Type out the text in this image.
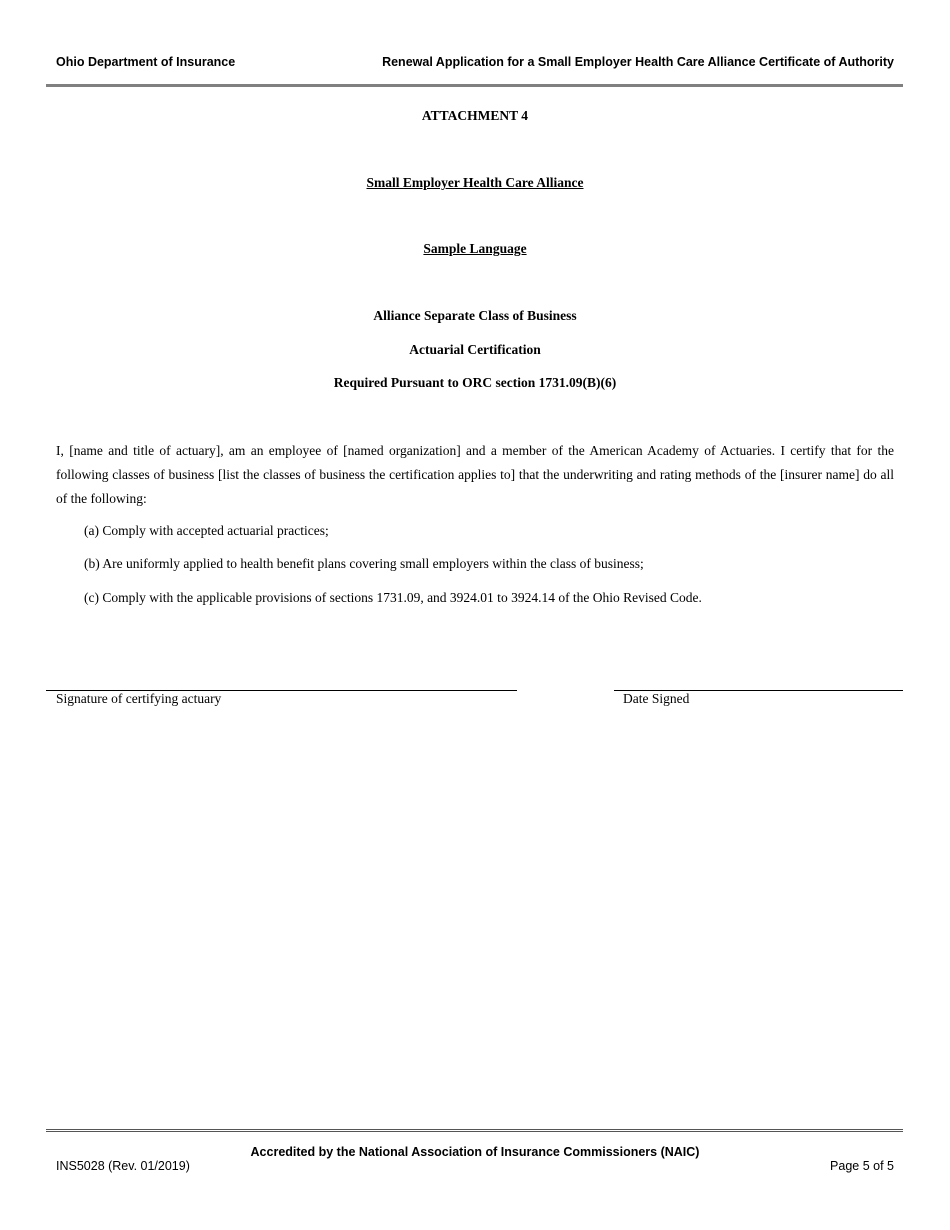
Ohio Department of Insurance	Renewal Application for a Small Employer Health Care Alliance Certificate of Authority
ATTACHMENT 4
Small Employer Health Care Alliance
Sample Language
Alliance Separate Class of Business
Actuarial Certification
Required Pursuant to ORC section 1731.09(B)(6)
I, [name and title of actuary], am an employee of [named organization] and a member of the American Academy of Actuaries. I certify that for the following classes of business [list the classes of business the certification applies to] that the underwriting and rating methods of the [insurer name] do all of the following:
(a) Comply with accepted actuarial practices;
(b) Are uniformly applied to health benefit plans covering small employers within the class of business;
(c) Comply with the applicable provisions of sections 1731.09, and 3924.01 to 3924.14 of the Ohio Revised Code.
Signature of certifying actuary	Date Signed
Accredited by the National Association of Insurance Commissioners (NAIC)
INS5028 (Rev. 01/2019)	Page 5 of 5
